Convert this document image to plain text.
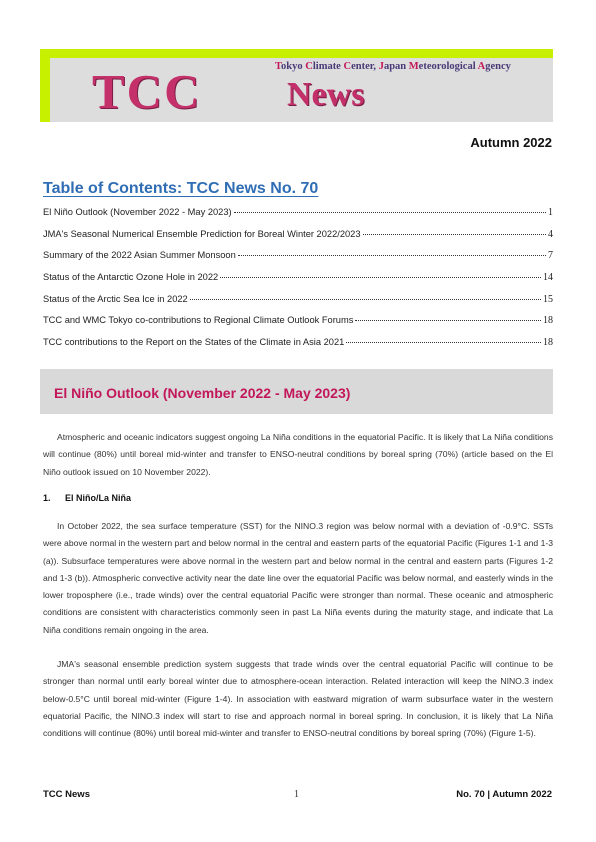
Tokyo Climate Center, Japan Meteorological Agency
TCC	News
Autumn 2022
Table of Contents: TCC News No. 70
El Niño Outlook (November 2022 - May 2023)	1
JMA's Seasonal Numerical Ensemble Prediction for Boreal Winter 2022/2023	4
Summary of the 2022 Asian Summer Monsoon	7
Status of the Antarctic Ozone Hole in 2022	14
Status of the Arctic Sea Ice in 2022	15
TCC and WMC Tokyo co-contributions to Regional Climate Outlook Forums	18
TCC contributions to the Report on the States of the Climate in Asia 2021	18
El Niño Outlook (November 2022 - May 2023)

Atmospheric and oceanic indicators suggest ongoing La Niña conditions in the equatorial Pacific. It is likely that La Niña conditions will continue (80%) until boreal mid-winter and transfer to ENSO-neutral conditions by boreal spring (70%) (article based on the El Niño outlook issued on 10 November 2022).

1. El Niño/La Niña

In October 2022, the sea surface temperature (SST) for the NINO.3 region was below normal with a deviation of -0.9°C. SSTs were above normal in the western part and below normal in the central and eastern parts of the equatorial Pacific (Figures 1-1 and 1-3 (a)). Subsurface temperatures were above normal in the western part and below normal in the central and eastern parts (Figures 1-2 and 1-3 (b)). Atmospheric convective activity near the date line over the equatorial Pacific was below normal, and easterly winds in the lower troposphere (i.e., trade winds) over the central equatorial Pacific were stronger than normal. These oceanic and atmospheric conditions are consistent with characteristics commonly seen in past La Niña events during the maturity stage, and indicate that La Niña conditions remain ongoing in the area.

JMA's seasonal ensemble prediction system suggests that trade winds over the central equatorial Pacific will continue to be stronger than normal until early boreal winter due to atmosphere-ocean interaction. Related interaction will keep the NINO.3 index below-0.5°C until boreal mid-winter (Figure 1-4). In association with eastward migration of warm subsurface water in the western equatorial Pacific, the NINO.3 index will start to rise and approach normal in boreal spring. In conclusion, it is likely that La Niña conditions will continue (80%) until boreal mid-winter and transfer to ENSO-neutral conditions by boreal spring (70%) (Figure 1-5).

TCC News	1	No. 70 | Autumn 2022
